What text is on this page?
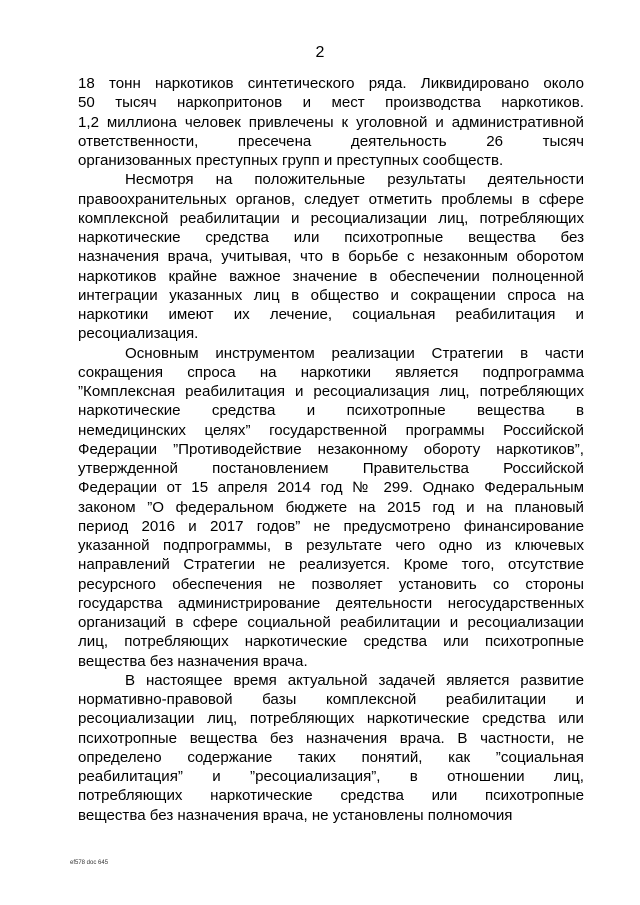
2
18 тонн наркотиков синтетического ряда. Ликвидировано около
50 тысяч наркопритонов и мест производства наркотиков.
1,2 миллиона человек привлечены к уголовной и административной
ответственности, пресечена деятельность 26 тысяч
организованных преступных групп и преступных сообществ.
Несмотря на положительные результаты деятельности
правоохранительных органов, следует отметить проблемы в сфере
комплексной реабилитации и ресоциализации лиц, потребляющих
наркотические средства или психотропные вещества без
назначения врача, учитывая, что в борьбе с незаконным оборотом
наркотиков крайне важное значение в обеспечении полноценной
интеграции указанных лиц в общество и сокращении спроса на
наркотики имеют их лечение, социальная реабилитация и
ресоциализация.
Основным инструментом реализации Стратегии в части
сокращения спроса на наркотики является подпрограмма
”Комплексная реабилитация и ресоциализация лиц, потребляющих
наркотические средства и психотропные вещества в
немедицинских целях” государственной программы Российской
Федерации ”Противодействие незаконному обороту наркотиков”,
утвержденной постановлением Правительства Российской
Федерации от 15 апреля 2014 год № 299. Однако Федеральным
законом ”О федеральном бюджете на 2015 год и на плановый
период 2016 и 2017 годов” не предусмотрено финансирование
указанной подпрограммы, в результате чего одно из ключевых
направлений Стратегии не реализуется. Кроме того, отсутствие
ресурсного обеспечения не позволяет установить со стороны
государства администрирование деятельности негосударственных
организаций в сфере социальной реабилитации и ресоциализации
лиц, потребляющих наркотические средства или психотропные
вещества без назначения врача.
В настоящее время актуальной задачей является развитие
нормативно-правовой базы комплексной реабилитации и
ресоциализации лиц, потребляющих наркотические средства или
психотропные вещества без назначения врача. В частности, не
определено содержание таких понятий, как ”социальная
реабилитация” и ”ресоциализация”, в отношении лиц,
потребляющих наркотические средства или психотропные
вещества без назначения врача, не установлены полномочия
ef578 doc 645
